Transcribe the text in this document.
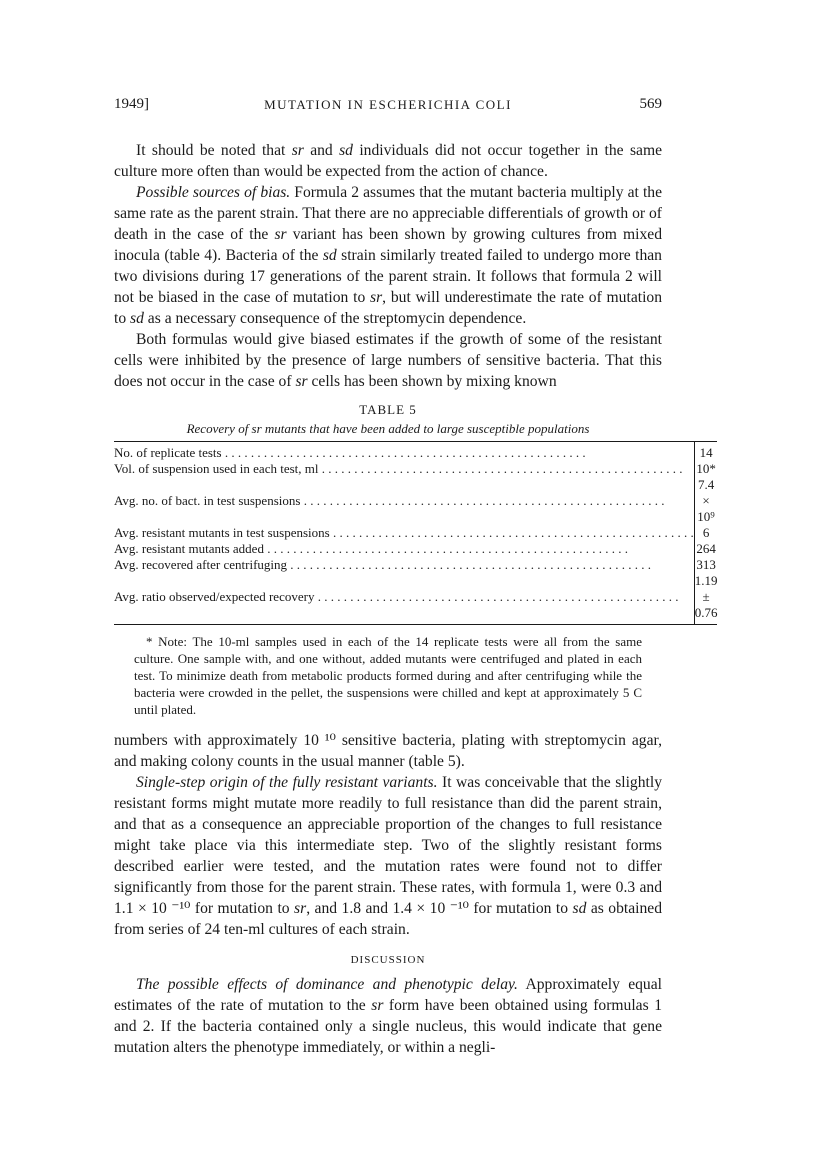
1949]	MUTATION IN ESCHERICHIA COLI	569

It should be noted that sr and sd individuals did not occur together in the same culture more often than would be expected from the action of chance.

Possible sources of bias. Formula 2 assumes that the mutant bacteria multiply at the same rate as the parent strain. That there are no appreciable differentials of growth or of death in the case of the sr variant has been shown by growing cultures from mixed inocula (table 4). Bacteria of the sd strain similarly treated failed to undergo more than two divisions during 17 generations of the parent strain. It follows that formula 2 will not be biased in the case of mutation to sr, but will underestimate the rate of mutation to sd as a necessary consequence of the streptomycin dependence.

Both formulas would give biased estimates if the growth of some of the resistant cells were inhibited by the presence of large numbers of sensitive bacteria. That this does not occur in the case of sr cells has been shown by mixing known

TABLE 5
Recovery of sr mutants that have been added to large susceptible populations
No. of replicate tests . . .	14
Vol. of suspension used in each test, ml . . .	10*
Avg. no. of bact. in test suspensions . . .	7.4 × 10⁹
Avg. resistant mutants in test suspensions . . .	6
Avg. resistant mutants added . . .	264
Avg. recovered after centrifuging . . .	313
Avg. ratio observed/expected recovery . . .	1.19 ± 0.76
* Note: The 10-ml samples used in each of the 14 replicate tests were all from the same culture. One sample with, and one without, added mutants were centrifuged and plated in each test. To minimize death from metabolic products formed during and after centrifuging while the bacteria were crowded in the pellet, the suspensions were chilled and kept at approximately 5 C until plated.

numbers with approximately 10 ¹⁰ sensitive bacteria, plating with streptomycin agar, and making colony counts in the usual manner (table 5).

Single-step origin of the fully resistant variants. It was conceivable that the slightly resistant forms might mutate more readily to full resistance than did the parent strain, and that as a consequence an appreciable proportion of the changes to full resistance might take place via this intermediate step. Two of the slightly resistant forms described earlier were tested, and the mutation rates were found not to differ significantly from those for the parent strain. These rates, with formula 1, were 0.3 and 1.1 × 10 ⁻¹⁰ for mutation to sr, and 1.8 and 1.4 × 10 ⁻¹⁰ for mutation to sd as obtained from series of 24 ten-ml cultures of each strain.

DISCUSSION

The possible effects of dominance and phenotypic delay. Approximately equal estimates of the rate of mutation to the sr form have been obtained using formulas 1 and 2. If the bacteria contained only a single nucleus, this would indicate that gene mutation alters the phenotype immediately, or within a negli-
